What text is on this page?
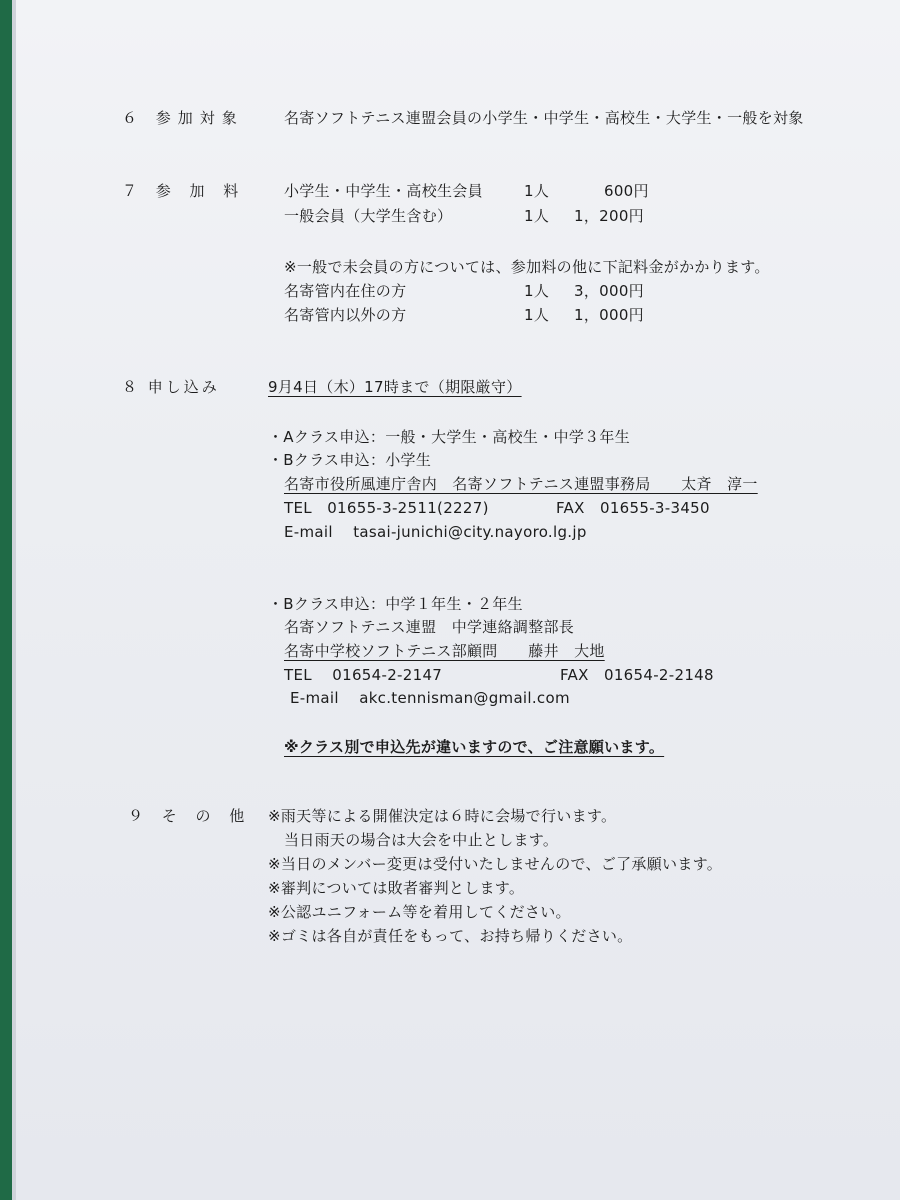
６ 参加対象	名寄ソフトテニス連盟会員の小学生・中学生・高校生・大学生・一般を対象
７ 参 加 料	小学生・中学生・高校生会員	1人	600円
一般会員（大学生含む）	1人 1，200円
※一般で未会員の方については、参加料の他に下記料金がかかります。
名寄管内在住の方	1人 3，000円
名寄管内以外の方	1人 1，000円
８ 申し込み	9月4日（木）17時まで（期限厳守）
・Aクラス申込：一般・大学生・高校生・中学３年生
・Bクラス申込：小学生
名寄市役所風連庁舎内　名寄ソフトテニス連盟事務局　　太斉　淳一
TEL　01655-3-2511(2227)	FAX　01655-3-3450
E-mail　 tasai-junichi@city.nayoro.lg.jp
・Bクラス申込：中学１年生・２年生
名寄ソフトテニス連盟　中学連絡調整部長
名寄中学校ソフトテニス部顧問　　藤井　大地
TEL　 01654-2-2147	FAX　01654-2-2148
E-mail　 akc.tennisman@gmail.com
※クラス別で申込先が違いますので、ご注意願います。
９ そ の 他 ※雨天等による開催決定は６時に会場で行います。
当日雨天の場合は大会を中止とします。
※当日のメンバー変更は受付いたしませんので、ご了承願います。
※審判については敗者審判とします。
※公認ユニフォーム等を着用してください。
※ゴミは各自が責任をもって、お持ち帰りください。
